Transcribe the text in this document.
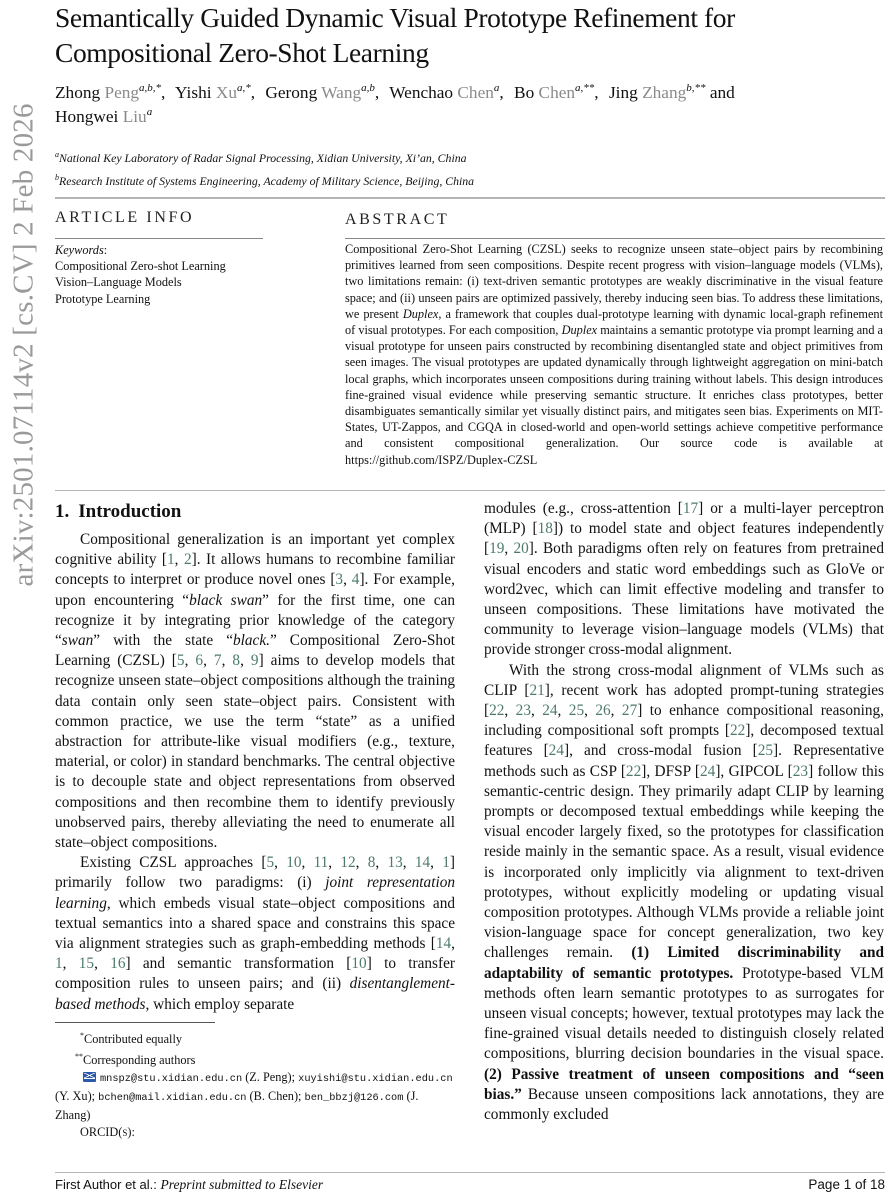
arXiv:2501.07114v2 [cs.CV] 2 Feb 2026
Semantically Guided Dynamic Visual Prototype Refinement for
Compositional Zero-Shot Learning
Zhong Peng$^{a,b,*}$, Yishi $Xu^{a,*}$, Gerong Wang$^{a,b}$, Wenchao Chen$^a$, Bo Chen$^{a,**}$, Jing Zhang$^{b,**}$ and
Hongwei Liu$^a$
$^a$National Key Laboratory of Radar Signal Processing, Xidian University, Xi’an, China
$^b$Research Institute of Systems Engineering, Academy of Military Science, Beijing, China
ARTICLE INFO
Keywords:
Compositional Zero-shot Learning
Vision–Language Models
Prototype Learning
ABSTRACT
Compositional Zero-Shot Learning (CZSL) seeks to recognize unseen state–object pairs by recombining primitives learned from seen compositions. Despite recent progress with vision–language models (VLMs), two limitations remain: (i) text-driven semantic prototypes are weakly discriminative in the visual feature space; and (ii) unseen pairs are optimized passively, thereby inducing seen bias. To address these limitations, we present Duplex, a framework that couples dual-prototype learning with dynamic local-graph refinement of visual prototypes. For each composition, Duplex maintains a semantic prototype via prompt learning and a visual prototype for unseen pairs constructed by recombining disentangled state and object primitives from seen images. The visual prototypes are updated dynamically through lightweight aggregation on mini-batch local graphs, which incorporates unseen compositions during training without labels. This design introduces fine-grained visual evidence while preserving semantic structure. It enriches class prototypes, better disambiguates semantically similar yet visually distinct pairs, and mitigates seen bias. Experiments on MIT-States, UT-Zappos, and CGQA in closed-world and open-world settings achieve competitive performance and consistent compositional generalization. Our source code is available at https://github.com/ISPZ/Duplex-CZSL
1. Introduction

Compositional generalization is an important yet complex cognitive ability [1, 2]. It allows humans to recombine familiar concepts to interpret or produce novel ones [3, 4]. For example, upon encountering “black swan” for the first time, one can recognize it by integrating prior knowledge of the category “swan” with the state “black.” Compositional Zero-Shot Learning (CZSL) [5, 6, 7, 8, 9] aims to develop models that recognize unseen state–object compositions although the training data contain only seen state–object pairs. Consistent with common practice, we use the term “state” as a unified abstraction for attribute-like visual modifiers (e.g., texture, material, or color) in standard benchmarks. The central objective is to decouple state and object representations from observed compositions and then recombine them to identify previously unobserved pairs, thereby alleviating the need to enumerate all state–object compositions.

Existing CZSL approaches [5, 10, 11, 12, 8, 13, 14, 1] primarily follow two paradigms: (i) joint representation learning, which embeds visual state–object compositions and textual semantics into a shared space and constrains this space via alignment strategies such as graph-embedding methods [14, 1, 15, 16] and semantic transformation [10] to transfer composition rules to unseen pairs; and (ii) disentanglement-based methods, which employ separate

modules (e.g., cross-attention [17] or a multi-layer perceptron (MLP) [18]) to model state and object features independently [19, 20]. Both paradigms often rely on features from pretrained visual encoders and static word embeddings such as GloVe or word2vec, which can limit effective modeling and transfer to unseen compositions. These limitations have motivated the community to leverage vision–language models (VLMs) that provide stronger cross-modal alignment.

With the strong cross-modal alignment of VLMs such as CLIP [21], recent work has adopted prompt-tuning strategies [22, 23, 24, 25, 26, 27] to enhance compositional reasoning, including compositional soft prompts [22], decomposed textual features [24], and cross-modal fusion [25]. Representative methods such as CSP [22], DFSP [24], GIPCOL [23] follow this semantic-centric design. They primarily adapt CLIP by learning prompts or decomposed textual embeddings while keeping the visual encoder largely fixed, so the prototypes for classification reside mainly in the semantic space. As a result, visual evidence is incorporated only implicitly via alignment to text-driven prototypes, without explicitly modeling or updating visual composition prototypes. Although VLMs provide a reliable joint vision-language space for concept generalization, two key challenges remain. (1) Limited discriminability and adaptability of semantic prototypes. Prototype-based VLM methods often learn semantic prototypes to as surrogates for unseen visual concepts; however, textual prototypes may lack the fine-grained visual details needed to distinguish closely related compositions, blurring decision boundaries in the visual space. (2) Passive treatment of unseen compositions and “seen bias.” Because unseen compositions lack annotations, they are commonly excluded

*Contributed equally
**Corresponding authors
mnspz@stu.xidian.edu.cn (Z. Peng); xuyishi@stu.xidian.edu.cn (Y. Xu); bchen@mail.xidian.edu.cn (B. Chen); ben_bbzj@126.com (J. Zhang)
ORCID(s):
First Author et al.: Preprint submitted to Elsevier	Page 1 of 18
